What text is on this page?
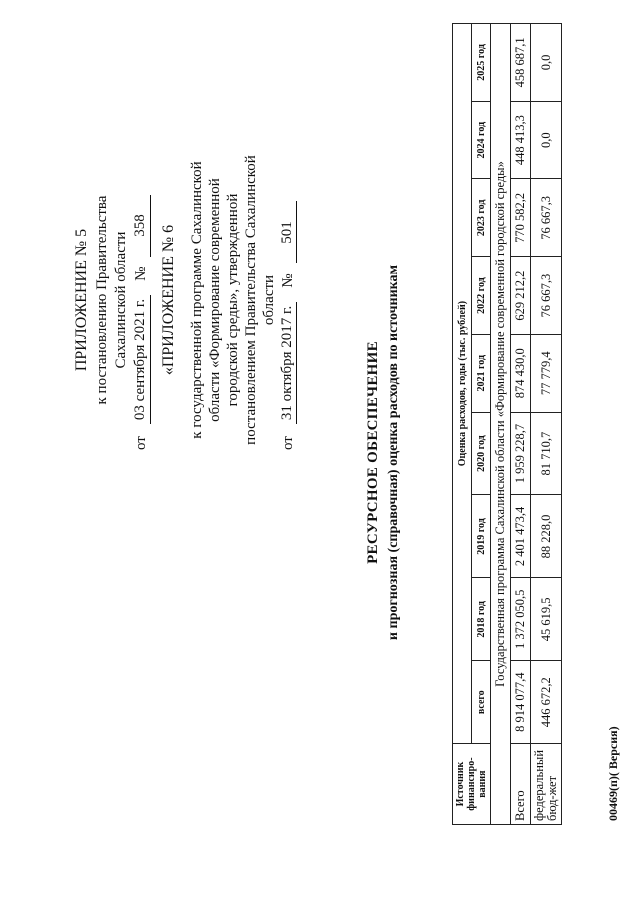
ПРИЛОЖЕНИЕ № 5 к постановлению Правительства Сахалинской области
от
03 сентября 2021 г.
№
358 «ПРИЛОЖЕНИЕ № 6 к государственной программе Сахалинской области «Формирование современной городской среды», утвержденной постановлением Правительства Сахалинской области
от
31 октября 2017 г.
№
501
РЕСУРСНОЕ ОБЕСПЕЧЕНИЕ и прогнозная (справочная) оценка расходов по источникам
Источник финансиро-вания	Оценка расходов, годы (тыс. рублей)								
	всего	2018 год	2019 год	2020 год	2021 год	2022 год	2023 год	2024 год	2025 год
Государственная программа Сахалинской области «Формирование современной городской среды»									
Всего	8 914 077,4	1 372 050,5	2 401 473,4	1 959 228,7	874 430,0	629 212,2	770 582,2	448 413,3	458 687,1
федеральный бюд-жет	446 672,2	45 619,5	88 228,0	81 710,7	77 779,4	76 667,3	76 667,3	0,0	0,0
00469(п)( Версия)
